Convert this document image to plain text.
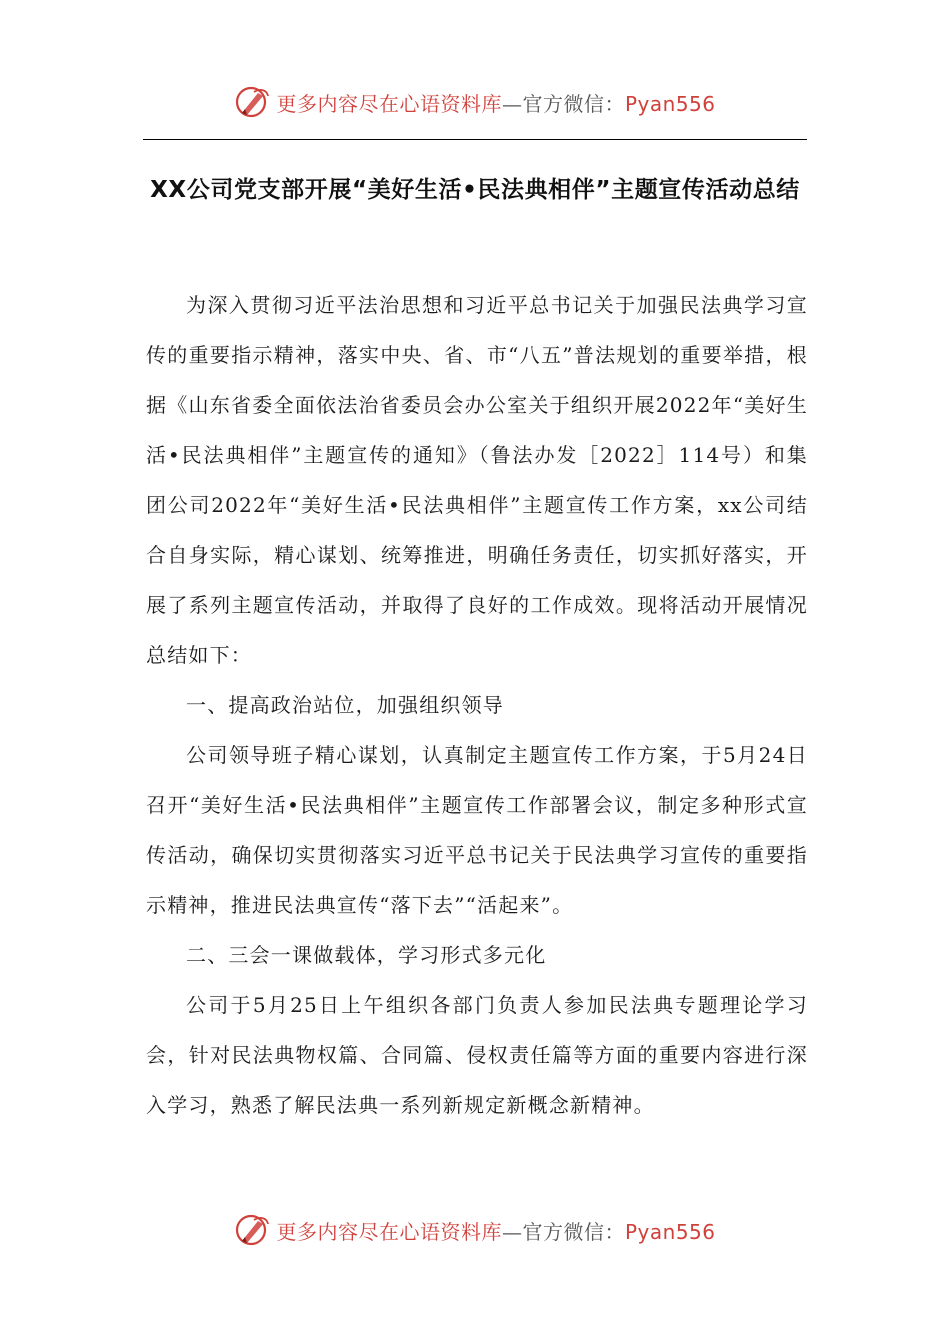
更多内容尽在心语资料库—官方微信：Pyan556
XX公司党支部开展“美好生活•民法典相伴”主题宣传活动总结

为深入贯彻习近平法治思想和习近平总书记关于加强民法典学习宣传的重要指示精神，落实中央、省、市“八五”普法规划的重要举措，根据《山东省委全面依法治省委员会办公室关于组织开展2022年“美好生活•民法典相伴”主题宣传的通知》（鲁法办发［2022］114号）和集团公司2022年“美好生活•民法典相伴”主题宣传工作方案，xx公司结合自身实际，精心谋划、统筹推进，明确任务责任，切实抓好落实，开展了系列主题宣传活动，并取得了良好的工作成效。现将活动开展情况总结如下：

一、提高政治站位，加强组织领导

公司领导班子精心谋划，认真制定主题宣传工作方案，于5月24日召开“美好生活•民法典相伴”主题宣传工作部署会议，制定多种形式宣传活动，确保切实贯彻落实习近平总书记关于民法典学习宣传的重要指示精神，推进民法典宣传“落下去”“活起来”。

二、三会一课做载体，学习形式多元化

公司于5月25日上午组织各部门负责人参加民法典专题理论学习会，针对民法典物权篇、合同篇、侵权责任篇等方面的重要内容进行深入学习，熟悉了解民法典一系列新规定新概念新精神。

更多内容尽在心语资料库—官方微信：Pyan556
